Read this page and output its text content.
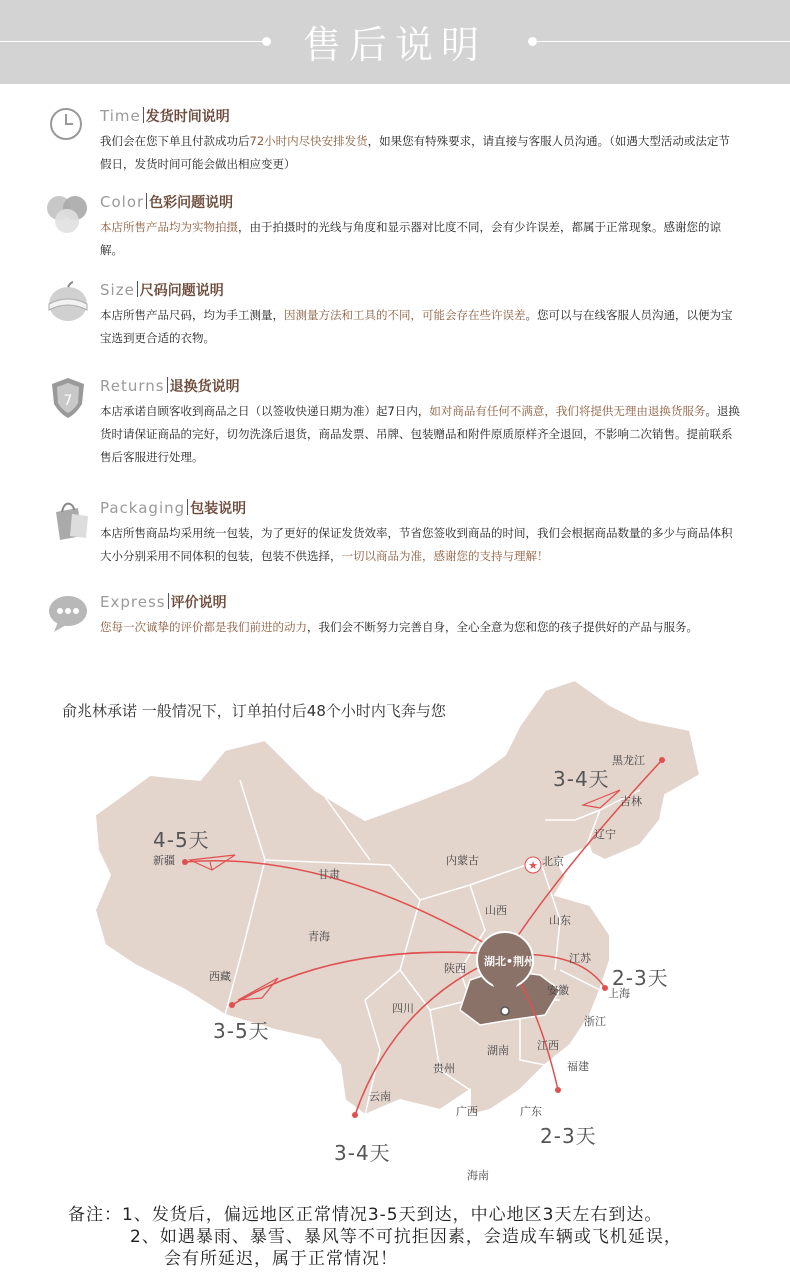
售后说明
Time 发货时间说明
我们会在您下单且付款成功后72小时内尽快安排发货，如果您有特殊要求，请直接与客服人员沟通。（如遇大型活动或法定节假日，发货时间可能会做出相应变更）
Color 色彩问题说明
本店所售产品均为实物拍摄，由于拍摄时的光线与角度和显示器对比度不同，会有少许误差，都属于正常现象。感谢您的谅解。
Size 尺码问题说明
本店所售产品尺码，均为手工测量，因测量方法和工具的不同，可能会存在些许误差。您可以与在线客服人员沟通，以便为宝宝选到更合适的衣物。
7
Returns 退换货说明
本店承诺自顾客收到商品之日（以签收快递日期为准）起7日内，如对商品有任何不满意，我们将提供无理由退换货服务。退换货时请保证商品的完好，切勿洗涤后退货，商品发票、吊牌、包装赠品和附件原质原样齐全退回，不影响二次销售。提前联系售后客服进行处理。
Packaging 包装说明
本店所售商品均采用统一包装，为了更好的保证发货效率，节省您签收到商品的时间，我们会根据商品数量的多少与商品体积大小分别采用不同体积的包装，包装不供选择，一切以商品为准，感谢您的支持与理解！
Express 评价说明
您每一次诚挚的评价都是我们前进的动力，我们会不断努力完善自身，全心全意为您和您的孩子提供好的产品与服务。
★
俞兆林承诺 一般情况下，订单拍付后48个小时内飞奔与您
湖北•荆州
黑龙江
吉林
辽宁
北京
内蒙古
甘肃
新疆
青海
西藏
山西
山东
陕西
江苏
安徽	上海
四川
浙江
湖南	江西
贵州	福建
云南
广西	广东
海南
4-5天
3-5天
3-4天
2-3天
2-3天
3-4天
备注：1、发货后，偏远地区正常情况3-5天到达，中心地区3天左右到达。
2、如遇暴雨、暴雪、暴风等不可抗拒因素，会造成车辆或飞机延误，
会有所延迟，属于正常情况！
